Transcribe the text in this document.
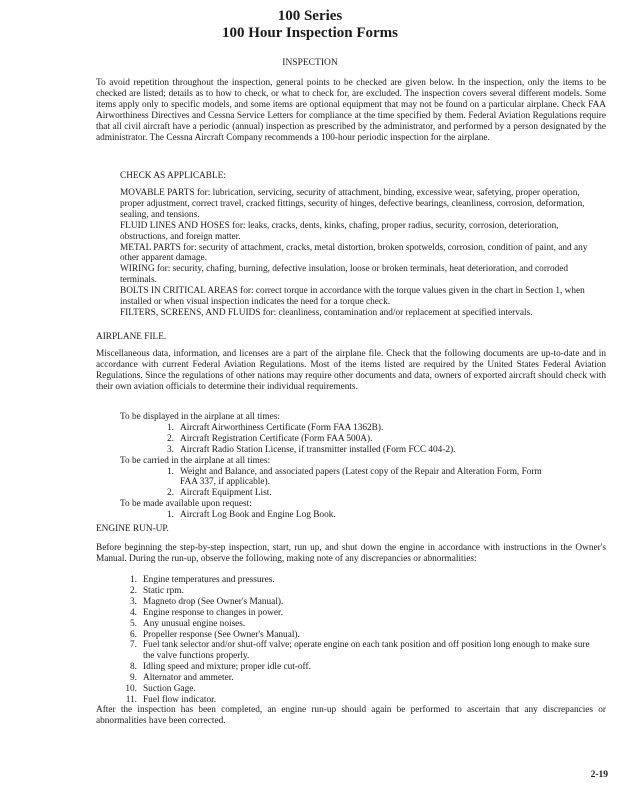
100 Series
100 Hour Inspection Forms
INSPECTION

To avoid repetition throughout the inspection, general points to be checked are given below. In the inspection, only the items to be checked are listed; details as to how to check, or what to check for, are excluded. The inspection covers several different models. Some items apply only to specific models, and some items are optional equipment that may not be found on a particular airplane. Check FAA Airworthiness Directives and Cessna Service Letters for compliance at the time specified by them. Federal Aviation Regulations require that all civil aircraft have a periodic (annual) inspection as prescribed by the administrator, and performed by a person designated by the administrator. The Cessna Aircraft Company recommends a 100-hour periodic inspection for the airplane.

CHECK AS APPLICABLE:

MOVABLE PARTS for: lubrication, servicing, security of attachment, binding, excessive wear, safetying, proper operation, proper adjustment, correct travel, cracked fittings, security of hinges, defective bearings, cleanliness, corrosion, deformation, sealing, and tensions.

FLUID LINES AND HOSES for: leaks, cracks, dents, kinks, chafing, proper radius, security, corrosion, deterioration, obstructions, and foreign matter.

METAL PARTS for: security of attachment, cracks, metal distortion, broken spotwelds, corrosion, condition of paint, and any other apparent damage.

WIRING for: security, chafing, burning, defective insulation, loose or broken terminals, heat deterioration, and corroded terminals.

BOLTS IN CRITICAL AREAS for: correct torque in accordance with the torque values given in the chart in Section 1, when installed or when visual inspection indicates the need for a torque check.

FILTERS, SCREENS, AND FLUIDS for: cleanliness, contamination and/or replacement at specified intervals.

AIRPLANE FILE.

Miscellaneous data, information, and licenses are a part of the airplane file. Check that the following documents are up-to-date and in accordance with current Federal Aviation Regulations. Most of the items listed are required by the United States Federal Aviation Regulations. Since the regulations of other nations may require other documents and data, owners of exported aircraft should check with their own aviation officials to determine their individual requirements.

To be displayed in the airplane at all times:
1. Aircraft Airworthiness Certificate (Form FAA 1362B).
2. Aircraft Registration Certificate (Form FAA 500A).
3. Aircraft Radio Station License, if transmitter installed (Form FCC 404-2).
To be carried in the airplane at all times:
1. Weight and Balance, and associated papers (Latest copy of the Repair and Alteration Form, Form FAA 337, if applicable).
2. Aircraft Equipment List.
To be made available upon request:
1. Aircraft Log Book and Engine Log Book.

ENGINE RUN-UP.

Before beginning the step-by-step inspection, start, run up, and shut down the engine in accordance with instructions in the Owner's Manual. During the run-up, observe the following, making note of any discrepancies or abnormalities:

1. Engine temperatures and pressures.
2. Static rpm.
3. Magneto drop (See Owner's Manual).
4. Engine response to changes in power.
5. Any unusual engine noises.
6. Propeller response (See Owner's Manual).
7. Fuel tank selector and/or shut-off valve; operate engine on each tank position and off position long enough to make sure the valve functions properly.
8. Idling speed and mixture; proper idle cut-off.
9. Alternator and ammeter.
10. Suction Gage.
11. Fuel flow indicator.

After the inspection has been completed, an engine run-up should again be performed to ascertain that any discrepancies or abnormalities have been corrected.

2-19
